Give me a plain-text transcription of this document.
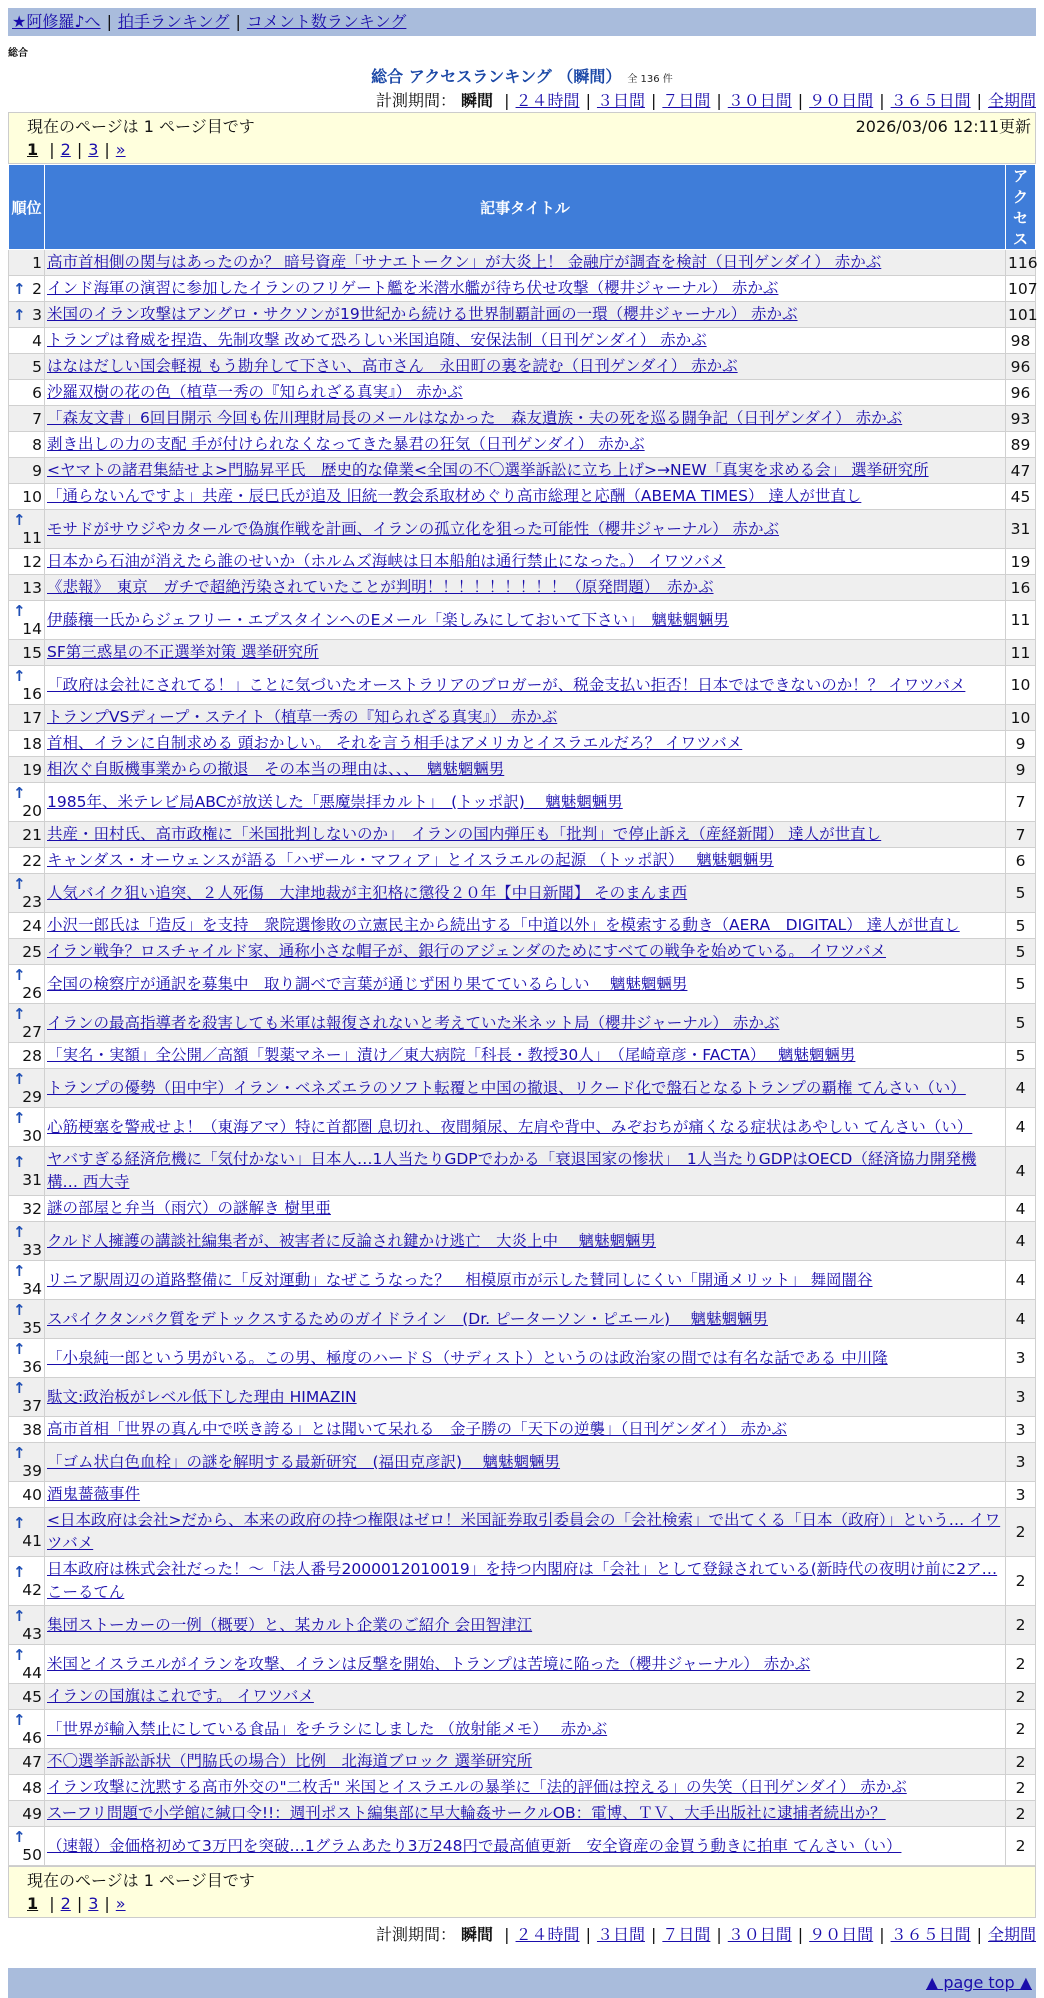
★阿修羅♪へ | 拍手ランキング | コメント数ランキング
総合
総合 アクセスランキング （瞬間） 全 136 件
計測期間： 瞬間 | ２４時間 | ３日間 | ７日間 | ３０日間 | ９０日間 | ３６５日間 | 全期間
現在のページは 1 ページ目です	2026/03/06 12:11更新
1 | 2 | 3 | »
順位	記事タイトル	アクセス
1	高市首相側の関与はあったのか？ 暗号資産「サナエトークン」が大炎上！ 金融庁が調査を検討（日刊ゲンダイ） 赤かぶ	116

↑ 2	インド海軍の演習に参加したイランのフリゲート艦を米潜水艦が待ち伏せ攻撃（櫻井ジャーナル） 赤かぶ	107

↑ 3	米国のイラン攻撃はアングロ・サクソンが19世紀から続ける世界制覇計画の一環（櫻井ジャーナル） 赤かぶ	101
4	トランプは脅威を捏造、先制攻撃 改めて恐ろしい米国追随、安保法制（日刊ゲンダイ） 赤かぶ	98
5	はなはだしい国会軽視 もう勘弁して下さい、高市さん　永田町の裏を読む（日刊ゲンダイ） 赤かぶ	96
6	沙羅双樹の花の色（植草一秀の『知られざる真実』） 赤かぶ	96
7	「森友文書」6回目開示 今回も佐川理財局長のメールはなかった　森友遺族・夫の死を巡る闘争記（日刊ゲンダイ） 赤かぶ	93
8	剥き出しの力の支配 手が付けられなくなってきた暴君の狂気（日刊ゲンダイ） 赤かぶ	89
9	<ヤマトの諸君集結せよ>門脇昇平氏　歴史的な偉業<全国の不〇選挙訴訟に立ち上げ>→NEW「真実を求める会」 選挙研究所	47
10	「通らないんですよ」共産・辰巳氏が追及 旧統一教会系取材めぐり高市総理と応酬（ABEMA TIMES） 達人が世直し	45

↑
11	モサドがサウジやカタールで偽旗作戦を計画、イランの孤立化を狙った可能性（櫻井ジャーナル） 赤かぶ	31
12	日本から石油が消えたら誰のせいか（ホルムズ海峡は日本船舶は通行禁止になった。） イワツバメ	19
13	《悲報》　東京　ガチで超絶汚染されていたことが判明！！！！！！！！！（原発問題）　赤かぶ	16

↑
14	伊藤穰一氏からジェフリー・エプスタインへのEメール「楽しみにしておいて下さい」　魑魅魍魎男	11
15	SF第三惑星の不正選挙対策 選挙研究所	11

↑
16	「政府は会社にされてる！」ことに気づいたオーストラリアのブロガーが、税金支払い拒否！日本ではできないのか！？ イワツバメ	10
17	トランプVSディープ・ステイト（植草一秀の『知られざる真実』） 赤かぶ	10
18	首相、イランに自制求める 頭おかしい。 それを言う相手はアメリカとイスラエルだろ？ イワツバメ	9
19	相次ぐ自販機事業からの撤退　その本当の理由は、、、　魑魅魍魎男	9

↑
20	1985年、米テレビ局ABCが放送した「悪魔崇拝カルト」　(トッポ訳)　 魑魅魍魎男	7
21	共産・田村氏、高市政権に「米国批判しないのか」　イランの国内弾圧も「批判」で停止訴え（産経新聞） 達人が世直し	7
22	キャンダス・オーウェンスが語る「ハザール・マフィア」とイスラエルの起源 （トッポ訳）　 魑魅魍魎男	6

↑
23	人気バイク狙い追突、２人死傷　大津地裁が主犯格に懲役２０年【中日新聞】 そのまんま西	5
24	小沢一郎氏は「造反」を支持　衆院選惨敗の立憲民主から続出する「中道以外」を模索する動き（AERA　DIGITAL） 達人が世直し	5
25	イラン戦争？ロスチャイルド家、通称小さな帽子が、銀行のアジェンダのためにすべての戦争を始めている。 イワツバメ	5

↑
26	全国の検察庁が通訳を募集中　取り調べで言葉が通じず困り果てているらしい　 魑魅魍魎男	5

↑
27	イランの最高指導者を殺害しても米軍は報復されないと考えていた米ネット局（櫻井ジャーナル） 赤かぶ	5
28	「実名・実額」全公開／高額「製薬マネー」漬け／東大病院「科長・教授30人」　（尾崎章彦・FACTA）　 魑魅魍魎男	5

↑
29	トランプの優勢（田中宇）イラン・ベネズエラのソフト転覆と中国の撤退、リクード化で盤石となるトランプの覇権 てんさい（い）	4

↑
30	心筋梗塞を警戒せよ！（東海アマ）特に首都圏 息切れ、夜間頻尿、左肩や背中、みぞおちが痛くなる症状はあやしい てんさい（い）	4

↑
31	ヤバすぎる経済危機に「気付かない」日本人…1人当たりGDPでわかる「衰退国家の惨状」　1人当たりGDPはOECD（経済協力開発機構… 西大寺	4
32	謎の部屋と弁当（雨穴）の謎解き 樹里亜	4

↑
33	クルド人擁護の講談社編集者が、被害者に反論され鍵かけ逃亡　大炎上中　 魑魅魍魎男	4

↑
34	リニア駅周辺の道路整備に「反対運動」なぜこうなった？　相模原市が示した賛同しにくい「開通メリット」 舞岡闇谷	4

↑
35	スパイクタンパク質をデトックスするためのガイドライン　(Dr. ピーターソン・ピエール)　 魑魅魍魎男	4

↑
36	「小泉純一郎という男がいる。この男、極度のハードＳ（サディスト）というのは政治家の間では有名な話である 中川隆	3

↑
37	駄文:政治板がレベル低下した理由 HIMAZIN	3
38	高市首相「世界の真ん中で咲き誇る」とは聞いて呆れる　金子勝の「天下の逆襲」（日刊ゲンダイ） 赤かぶ	3

↑
39	「ゴム状白色血栓」の謎を解明する最新研究　(福田克彦訳)　 魑魅魍魎男	3
40	酒鬼薔薇事件	3

↑
41	<日本政府は会社>だから、本来の政府の持つ権限はゼロ！米国証券取引委員会の「会社検索」で出てくる「日本（政府）」という… イワツバメ	2

↑
42	日本政府は株式会社だった！～「法人番号2000012010019」を持つ内閣府は「会社」として登録されている(新時代の夜明け前に2ア… こーるてん	2

↑
43	集団ストーカーの一例（概要）と、某カルト企業のご紹介 会田智津江	2

↑
44	米国とイスラエルがイランを攻撃、イランは反撃を開始、トランプは苦境に陥った（櫻井ジャーナル） 赤かぶ	2
45	イランの国旗はこれです。 イワツバメ	2

↑
46	「世界が輸入禁止にしている食品」をチラシにしました （放射能メモ）　 赤かぶ	2
47	不〇選挙訴訟訴状（門脇氏の場合）比例　北海道ブロック 選挙研究所	2
48	イラン攻撃に沈黙する高市外交の"二枚舌" 米国とイスラエルの暴挙に「法的評価は控える」の失笑（日刊ゲンダイ） 赤かぶ	2
49	スーフリ問題で小学館に緘口令!!：週刊ポスト編集部に早大輪姦サークルOB：電博、ＴＶ、大手出版社に逮捕者続出か？	2

↑
50	（速報）金価格初めて3万円を突破…1グラムあたり3万248円で最高値更新　安全資産の金買う動きに拍車 てんさい（い）	2
現在のページは 1 ページ目です
1 | 2 | 3 | »
計測期間： 瞬間 | ２４時間 | ３日間 | ７日間 | ３０日間 | ９０日間 | ３６５日間 | 全期間
▲ page top ▲
